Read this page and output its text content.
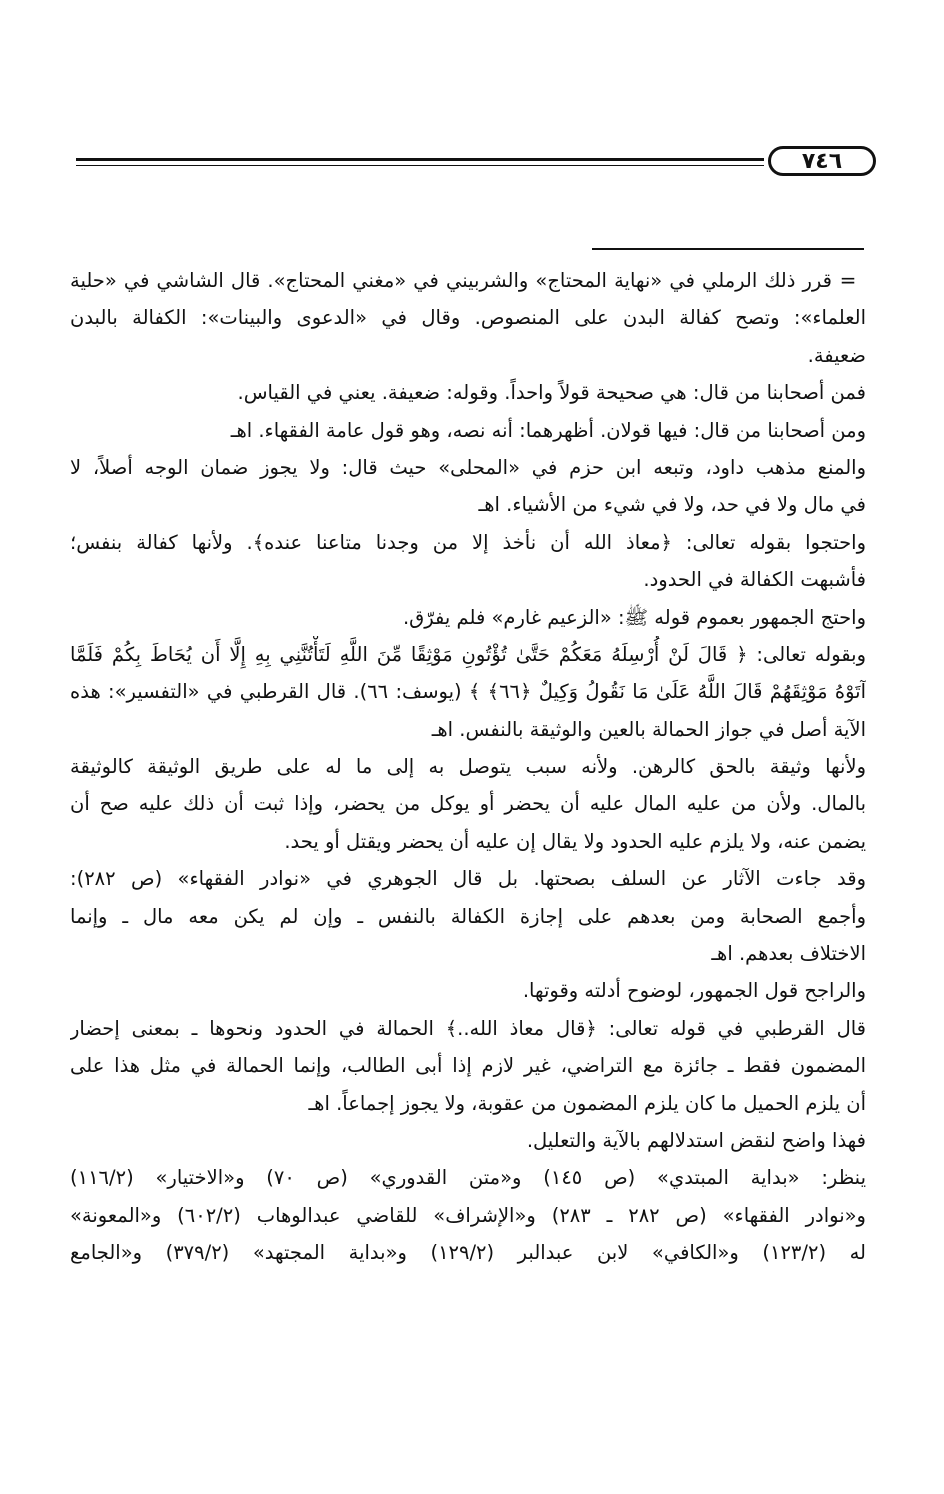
٧٤٦
=
قرر ذلك الرملي في «نهاية المحتاج» والشربيني في «مغني المحتاج». قال الشاشي في «حلية
العلماء»: وتصح كفالة البدن على المنصوص. وقال في «الدعوى والبينات»: الكفالة بالبدن
ضعيفة.
فمن أصحابنا من قال: هي صحيحة قولاً واحداً. وقوله: ضعيفة. يعني في القياس.
ومن أصحابنا من قال: فيها قولان. أظهرهما: أنه نصه، وهو قول عامة الفقهاء. اهـ
والمنع مذهب داود، وتبعه ابن حزم في «المحلى» حيث قال: ولا يجوز ضمان الوجه أصلاً، لا
في مال ولا في حد، ولا في شيء من الأشياء. اهـ
واحتجوا بقوله تعالى: ﴿معاذ الله أن نأخذ إلا من وجدنا متاعنا عنده﴾. ولأنها كفالة بنفس؛
فأشبهت الكفالة في الحدود.
واحتج الجمهور بعموم قوله ﷺ: «الزعيم غارم» فلم يفرّق.
وبقوله تعالى: ﴿ قَالَ لَنْ أُرْسِلَهُ مَعَكُمْ حَتَّىٰ تُؤْتُونِ مَوْثِقًا مِّنَ اللَّهِ لَتَأْتُنَّنِي بِهِ إِلَّا أَن يُحَاطَ بِكُمْ فَلَمَّا
آتَوْهُ مَوْثِقَهُمْ قَالَ اللَّهُ عَلَىٰ مَا نَقُولُ وَكِيلٌ ﴿٦٦﴾ ﴾ (يوسف: ٦٦). قال القرطبي في «التفسير»: هذه
الآية أصل في جواز الحمالة بالعين والوثيقة بالنفس. اهـ
ولأنها وثيقة بالحق كالرهن. ولأنه سبب يتوصل به إلى ما له على طريق الوثيقة كالوثيقة
بالمال. ولأن من عليه المال عليه أن يحضر أو يوكل من يحضر، وإذا ثبت أن ذلك عليه صح أن
يضمن عنه، ولا يلزم عليه الحدود ولا يقال إن عليه أن يحضر ويقتل أو يحد.
وقد جاءت الآثار عن السلف بصحتها. بل قال الجوهري في «نوادر الفقهاء» (ص ٢٨٢):
وأجمع الصحابة ومن بعدهم على إجازة الكفالة بالنفس ـ وإن لم يكن معه مال ـ وإنما
الاختلاف بعدهم. اهـ
والراجح قول الجمهور، لوضوح أدلته وقوتها.
قال القرطبي في قوله تعالى: ﴿قال معاذ الله..﴾ الحمالة في الحدود ونحوها ـ بمعنى إحضار
المضمون فقط ـ جائزة مع التراضي، غير لازم إذا أبى الطالب، وإنما الحمالة في مثل هذا على
أن يلزم الحميل ما كان يلزم المضمون من عقوبة، ولا يجوز إجماعاً. اهـ
فهذا واضح لنقض استدلالهم بالآية والتعليل.
ينظر: «بداية المبتدي» (ص ١٤٥) و«متن القدوري» (ص ٧٠) و«الاختيار» (١١٦/٢)
و«نوادر الفقهاء» (ص ٢٨٢ ـ ٢٨٣) و«الإشراف» للقاضي عبدالوهاب (٦٠٢/٢) و«المعونة»
له (١٢٣/٢) و«الكافي» لابن عبدالبر (١٢٩/٢) و«بداية المجتهد» (٣٧٩/٢) و«الجامع
